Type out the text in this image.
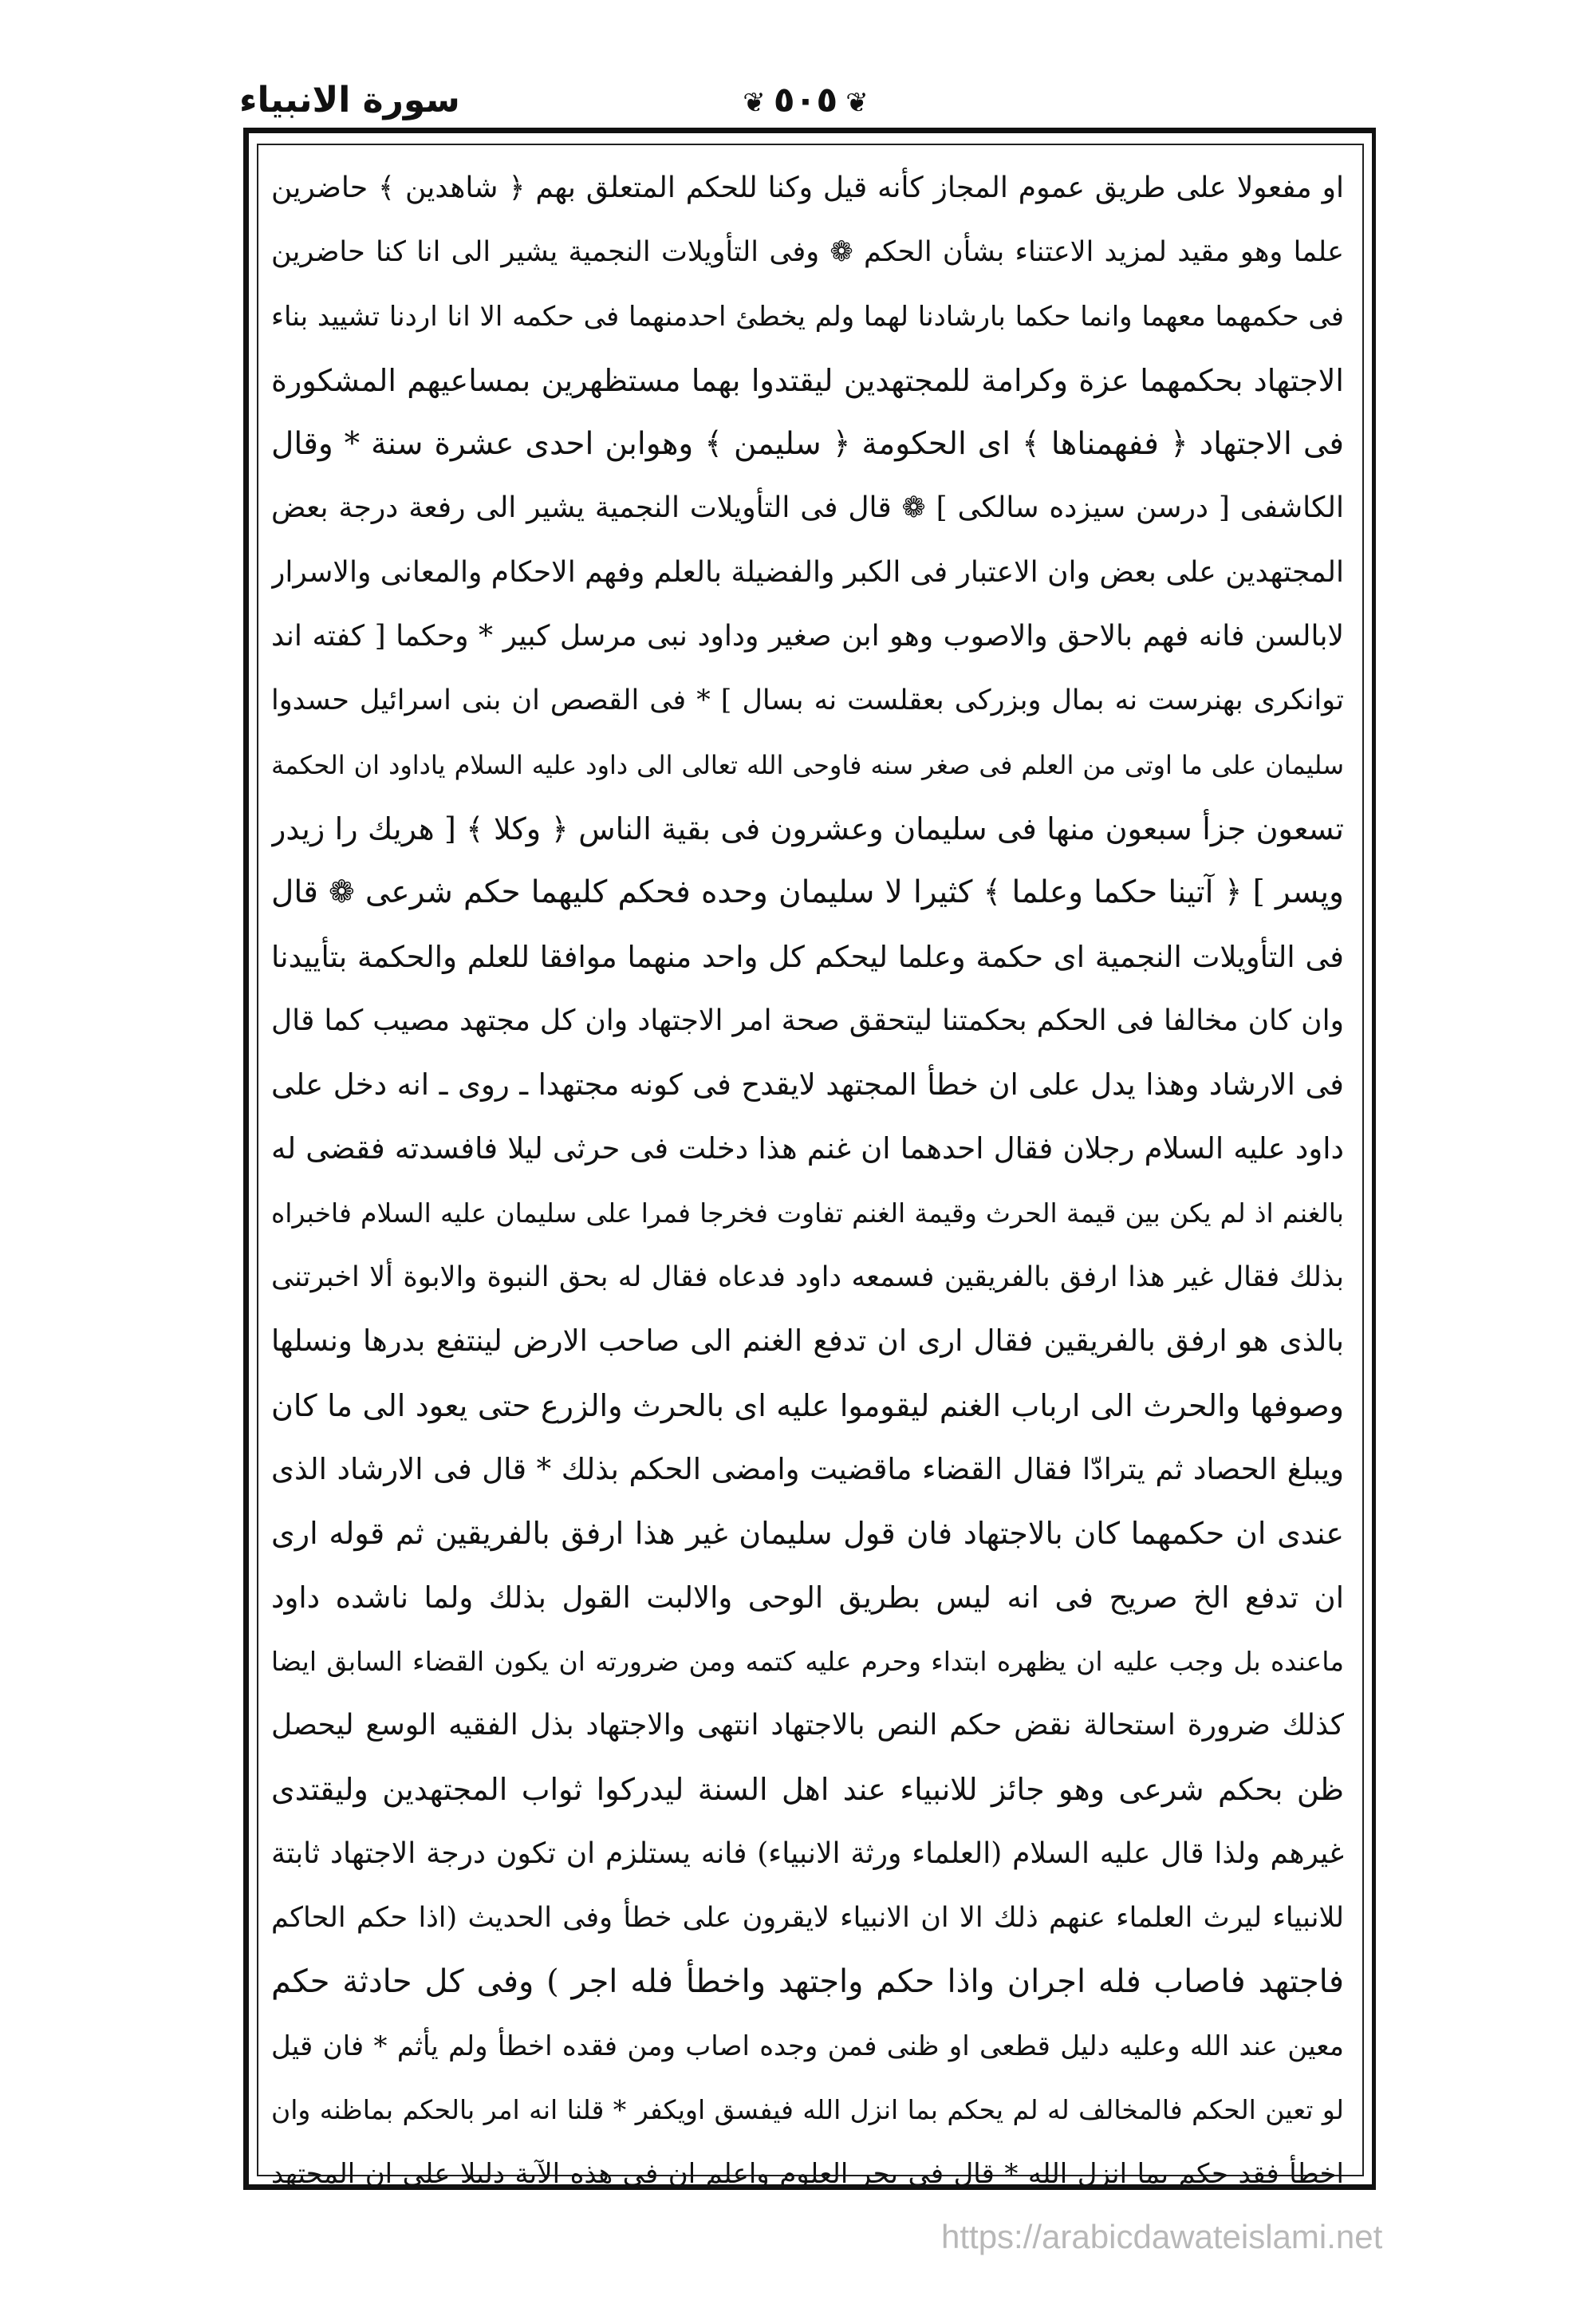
سورة الانبياء	❦٥٠٥❦
او مفعولا على طريق عموم المجاز كأنه قيل وكنا للحكم المتعلق بهم ﴿ شاهدين ﴾ حاضرين
علما وهو مقيد لمزيد الاعتناء بشأن الحكم ❁ وفى التأويلات النجمية يشير الى انا كنا حاضرين
فى حكمهما معهما وانما حكما بارشادنا لهما ولم يخطئ احدمنهما فى حكمه الا انا اردنا تشييد بناء
الاجتهاد بحكمهما عزة وكرامة للمجتهدين ليقتدوا بهما مستظهرين بمساعيهم المشكورة
فى الاجتهاد ﴿ ففهمناها ﴾ اى الحكومة ﴿ سليمن ﴾ وهوابن احدى عشرة سنة * وقال
الكاشفى [ درسن سيزده سالكى ] ❁ قال فى التأويلات النجمية يشير الى رفعة درجة بعض
المجتهدين على بعض وان الاعتبار فى الكبر والفضيلة بالعلم وفهم الاحكام والمعانى والاسرار
لابالسن فانه فهم بالاحق والاصوب وهو ابن صغير وداود نبى مرسل كبير * وحكما [ كفته اند
توانكرى بهنرست نه بمال وبزركى بعقلست نه بسال ] * فى القصص ان بنى اسرائيل حسدوا
سليمان على ما اوتى من العلم فى صغر سنه فاوحى الله تعالى الى داود عليه السلام ياداود ان الحكمة
تسعون جزأ سبعون منها فى سليمان وعشرون فى بقية الناس ﴿ وكلا ﴾ [ هريك را زيدر
وپسر ] ﴿ آتينا حكما وعلما ﴾ كثيرا لا سليمان وحده فحكم كليهما حكم شرعى ❁ قال
فى التأويلات النجمية اى حكمة وعلما ليحكم كل واحد منهما موافقا للعلم والحكمة بتأييدنا
وان كان مخالفا فى الحكم بحكمتنا ليتحقق صحة امر الاجتهاد وان كل مجتهد مصيب كما قال
فى الارشاد وهذا يدل على ان خطأ المجتهد لايقدح فى كونه مجتهدا ـ روى ـ انه دخل على
داود عليه السلام رجلان فقال احدهما ان غنم هذا دخلت فى حرثى ليلا فافسدته فقضى له
بالغنم اذ لم يكن بين قيمة الحرث وقيمة الغنم تفاوت فخرجا فمرا على سليمان عليه السلام فاخبراه
بذلك فقال غير هذا ارفق بالفريقين فسمعه داود فدعاه فقال له بحق النبوة والابوة ألا اخبرتنى
بالذى هو ارفق بالفريقين فقال ارى ان تدفع الغنم الى صاحب الارض لينتفع بدرها ونسلها
وصوفها والحرث الى ارباب الغنم ليقوموا عليه اى بالحرث والزرع حتى يعود الى ما كان
ويبلغ الحصاد ثم يترادّا فقال القضاء ماقضيت وامضى الحكم بذلك * قال فى الارشاد الذى
عندى ان حكمهما كان بالاجتهاد فان قول سليمان غير هذا ارفق بالفريقين ثم قوله ارى
ان تدفع الخ صريح فى انه ليس بطريق الوحى والالبت القول بذلك ولما ناشده داود
ماعنده بل وجب عليه ان يظهره ابتداء وحرم عليه كتمه ومن ضرورته ان يكون القضاء السابق ايضا
كذلك ضرورة استحالة نقض حكم النص بالاجتهاد انتهى والاجتهاد بذل الفقيه الوسع ليحصل
ظن بحكم شرعى وهو جائز للانبياء عند اهل السنة ليدركوا ثواب المجتهدين وليقتدى
غيرهم ولذا قال عليه السلام (العلماء ورثة الانبياء) فانه يستلزم ان تكون درجة الاجتهاد ثابتة
للانبياء ليرث العلماء عنهم ذلك الا ان الانبياء لايقرون على خطأ وفى الحديث (اذا حكم الحاكم
فاجتهد فاصاب فله اجران واذا حكم واجتهد واخطأ فله اجر ) وفى كل حادثة حكم
معين عند الله وعليه دليل قطعى او ظنى فمن وجده اصاب ومن فقده اخطأ ولم يأثم * فان قيل
لو تعين الحكم فالمخالف له لم يحكم بما انزل الله فيفسق اويكفر * قلنا انه امر بالحكم بماظنه وان
اخطأ فقد حكم بما انزل الله * قال فى بحر العلوم واعلم ان فى هذه الآية دليلا على ان المجتهد
https://arabicdawateislami.net
